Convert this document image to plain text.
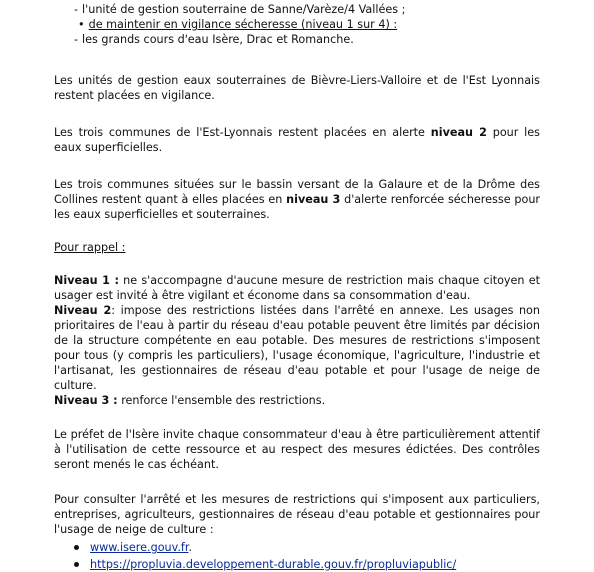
- l'unité de gestion souterraine de Sanne/Varèze/4 Vallées ;
• de maintenir en vigilance sécheresse (niveau 1 sur 4) :
- les grands cours d'eau Isère, Drac et Romanche.

Les unités de gestion eaux souterraines de Bièvre-Liers-Valloire et de l'Est Lyonnais restent placées en vigilance.

Les trois communes de l'Est-Lyonnais restent placées en alerte niveau 2 pour les eaux superficielles.

Les trois communes situées sur le bassin versant de la Galaure et de la Drôme des Collines restent quant à elles placées en niveau 3 d'alerte renforcée sécheresse pour les eaux superficielles et souterraines.

Pour rappel :

Niveau 1 : ne s'accompagne d'aucune mesure de restriction mais chaque citoyen et usager est invité à être vigilant et économe dans sa consommation d'eau.

Niveau 2: impose des restrictions listées dans l'arrêté en annexe. Les usages non prioritaires de l'eau à partir du réseau d'eau potable peuvent être limités par décision de la structure compétente en eau potable. Des mesures de restrictions s'imposent pour tous (y compris les particuliers), l'usage économique, l'agriculture, l'industrie et l'artisanat, les gestionnaires de réseau d'eau potable et pour l'usage de neige de culture.

Niveau 3 : renforce l'ensemble des restrictions.

Le préfet de l'Isère invite chaque consommateur d'eau à être particulièrement attentif à l'utilisation de cette ressource et au respect des mesures édictées. Des contrôles seront menés le cas échéant.

Pour consulter l'arrêté et les mesures de restrictions qui s'imposent aux particuliers, entreprises, agriculteurs, gestionnaires de réseau d'eau potable et gestionnaires pour l'usage de neige de culture :

www.isere.gouv.fr.
https://propluvia.developpement-durable.gouv.fr/propluviapublic/
